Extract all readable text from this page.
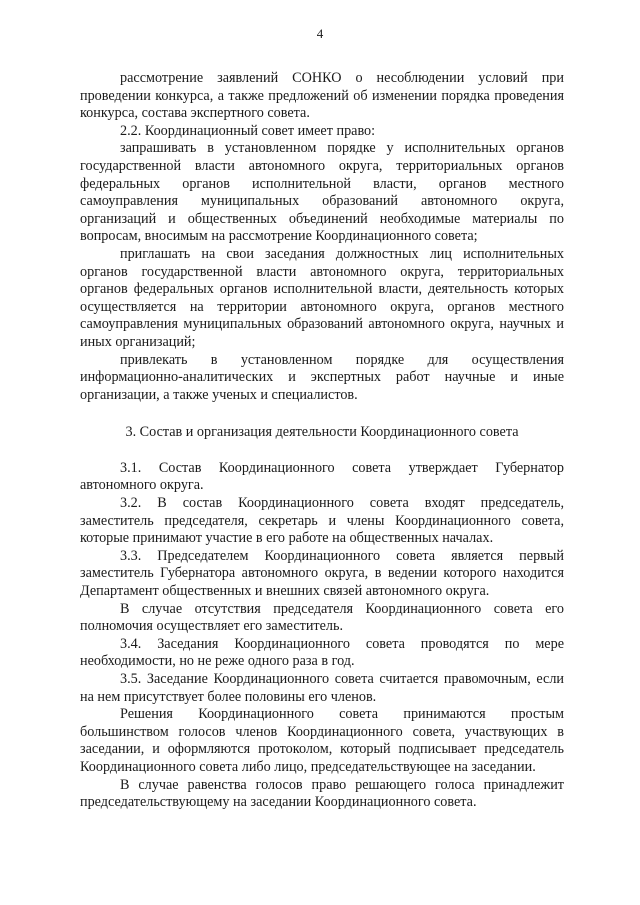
4

рассмотрение заявлений СОНКО о несоблюдении условий при проведении конкурса, а также предложений об изменении порядка проведения конкурса, состава экспертного совета.

2.2. Координационный совет имеет право:

запрашивать в установленном порядке у исполнительных органов государственной власти автономного округа, территориальных органов федеральных органов исполнительной власти, органов местного самоуправления муниципальных образований автономного округа, организаций и общественных объединений необходимые материалы по вопросам, вносимым на рассмотрение Координационного совета;

приглашать на свои заседания должностных лиц исполнительных органов государственной власти автономного округа, территориальных органов федеральных органов исполнительной власти, деятельность которых осуществляется на территории автономного округа, органов местного самоуправления муниципальных образований автономного округа, научных и иных организаций;

привлекать в установленном порядке для осуществления информационно-аналитических и экспертных работ научные и иные организации, а также ученых и специалистов.

3. Состав и организация деятельности Координационного совета

3.1. Состав Координационного совета утверждает Губернатор автономного округа.

3.2. В состав Координационного совета входят председатель, заместитель председателя, секретарь и члены Координационного совета, которые принимают участие в его работе на общественных началах.

3.3. Председателем Координационного совета является первый заместитель Губернатора автономного округа, в ведении которого находится Департамент общественных и внешних связей автономного округа.

В случае отсутствия председателя Координационного совета его полномочия осуществляет его заместитель.

3.4. Заседания Координационного совета проводятся по мере необходимости, но не реже одного раза в год.

3.5. Заседание Координационного совета считается правомочным, если на нем присутствует более половины его членов.

Решения Координационного совета принимаются простым большинством голосов членов Координационного совета, участвующих в заседании, и оформляются протоколом, который подписывает председатель Координационного совета либо лицо, председательствующее на заседании.

В случае равенства голосов право решающего голоса принадлежит председательствующему на заседании Координационного совета.
